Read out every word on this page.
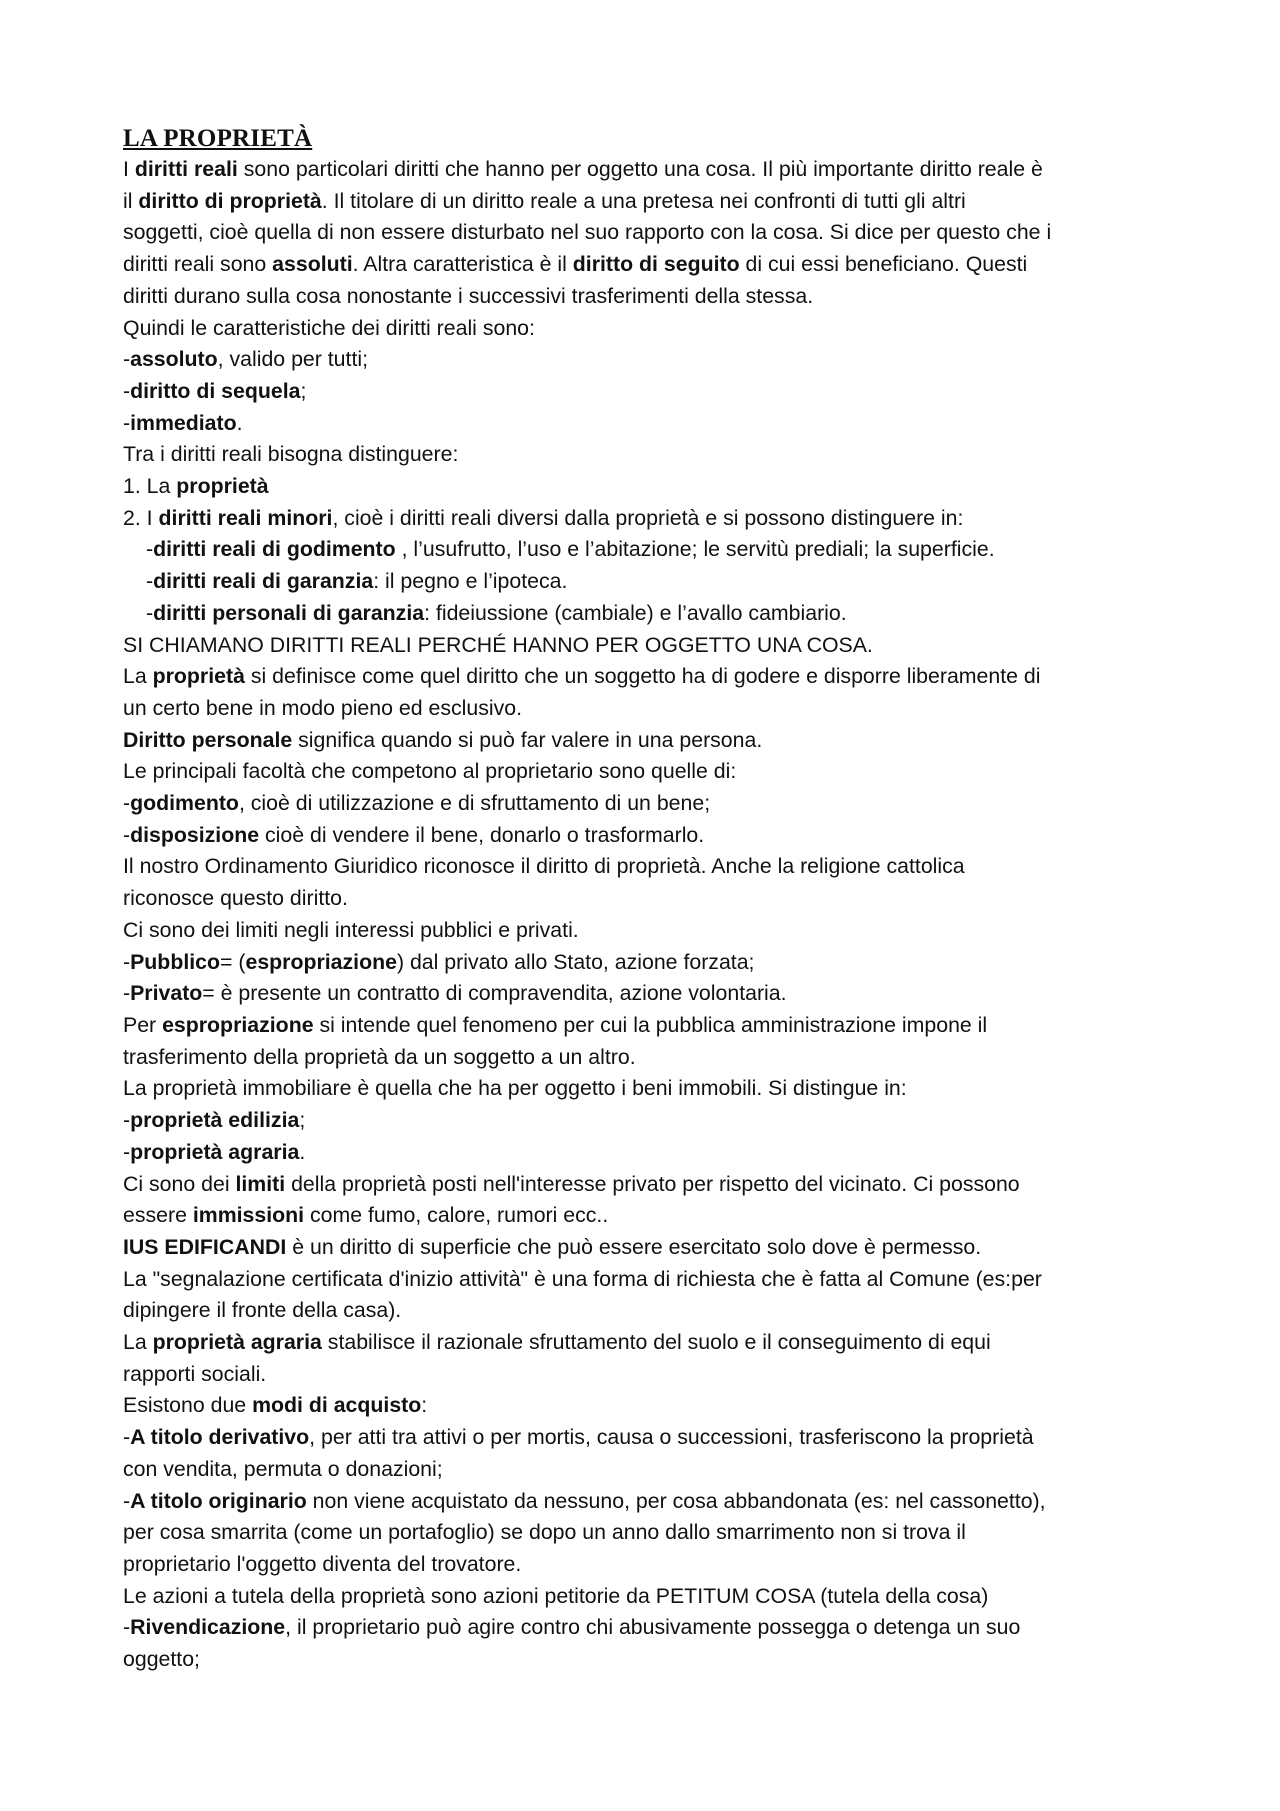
LA PROPRIETÀ

I diritti reali sono particolari diritti che hanno per oggetto una cosa. Il più importante diritto reale è

il diritto di proprietà. Il titolare di un diritto reale a una pretesa nei confronti di tutti gli altri

soggetti, cioè quella di non essere disturbato nel suo rapporto con la cosa. Si dice per questo che i

diritti reali sono assoluti. Altra caratteristica è il diritto di seguito di cui essi beneficiano. Questi

diritti durano sulla cosa nonostante i successivi trasferimenti della stessa.

Quindi le caratteristiche dei diritti reali sono:

-assoluto, valido per tutti;

-diritto di sequela;

-immediato.

Tra i diritti reali bisogna distinguere:

1. La proprietà

2. I diritti reali minori, cioè i diritti reali diversi dalla proprietà e si possono distinguere in:

-diritti reali di godimento , l’usufrutto, l’uso e l’abitazione; le servitù prediali; la superficie.

-diritti reali di garanzia: il pegno e l’ipoteca.

-diritti personali di garanzia: fideiussione (cambiale) e l’avallo cambiario.

SI CHIAMANO DIRITTI REALI PERCHÉ HANNO PER OGGETTO UNA COSA.

La proprietà si definisce come quel diritto che un soggetto ha di godere e disporre liberamente di

un certo bene in modo pieno ed esclusivo.

Diritto personale significa quando si può far valere in una persona.

Le principali facoltà che competono al proprietario sono quelle di:

-godimento, cioè di utilizzazione e di sfruttamento di un bene;

-disposizione cioè di vendere il bene, donarlo o trasformarlo.

Il nostro Ordinamento Giuridico riconosce il diritto di proprietà. Anche la religione cattolica

riconosce questo diritto.

Ci sono dei limiti negli interessi pubblici e privati.

-Pubblico= (espropriazione) dal privato allo Stato, azione forzata;

-Privato= è presente un contratto di compravendita, azione volontaria.

Per espropriazione si intende quel fenomeno per cui la pubblica amministrazione impone il

trasferimento della proprietà da un soggetto a un altro.

La proprietà immobiliare è quella che ha per oggetto i beni immobili. Si distingue in:

-proprietà edilizia;

-proprietà agraria.

Ci sono dei limiti della proprietà posti nell'interesse privato per rispetto del vicinato. Ci possono

essere immissioni come fumo, calore, rumori ecc..

IUS EDIFICANDI è un diritto di superficie che può essere esercitato solo dove è permesso.

La "segnalazione certificata d'inizio attività" è una forma di richiesta che è fatta al Comune (es:per

dipingere il fronte della casa).

La proprietà agraria stabilisce il razionale sfruttamento del suolo e il conseguimento di equi

rapporti sociali.

Esistono due modi di acquisto:

-A titolo derivativo, per atti tra attivi o per mortis, causa o successioni, trasferiscono la proprietà

con vendita, permuta o donazioni;

-A titolo originario non viene acquistato da nessuno, per cosa abbandonata (es: nel cassonetto),

per cosa smarrita (come un portafoglio) se dopo un anno dallo smarrimento non si trova il

proprietario l'oggetto diventa del trovatore.

Le azioni a tutela della proprietà sono azioni petitorie da PETITUM COSA (tutela della cosa)

-Rivendicazione, il proprietario può agire contro chi abusivamente possegga o detenga un suo

oggetto;
